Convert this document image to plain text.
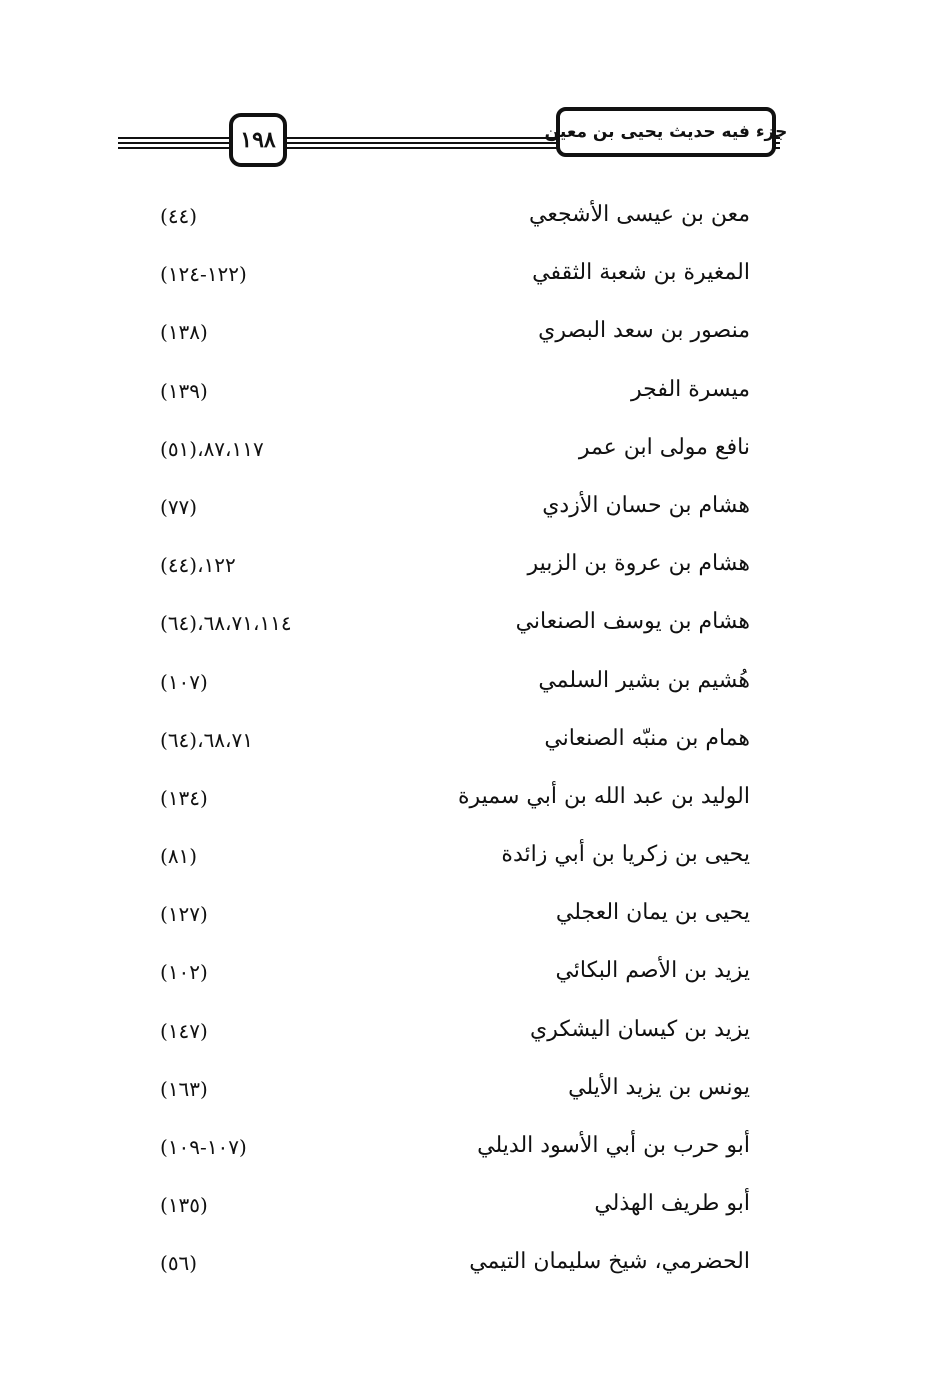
جزء فيه حديث يحيى بن معين
١٩٨
معن بن عيسى الأشجعي
(٤٤)
المغيرة بن شعبة الثقفي
(١٢٢-١٢٤)
منصور بن سعد البصري
(١٣٨)
ميسرة الفجر
(١٣٩)
نافع مولى ابن عمر
(٥١)،٨٧،١١٧
هشام بن حسان الأزدي
(٧٧)
هشام بن عروة بن الزبير
(٤٤)،١٢٢
هشام بن يوسف الصنعاني
(٦٤)،٦٨،٧١،١١٤
هُشيم بن بشير السلمي
(١٠٧)
همام بن منبّه الصنعاني
(٦٤)،٦٨،٧١
الوليد بن عبد الله بن أبي سميرة
(١٣٤)
يحيى بن زكريا بن أبي زائدة
(٨١)
يحيى بن يمان العجلي
(١٢٧)
يزيد بن الأصم البكائي
(١٠٢)
يزيد بن كيسان اليشكري
(١٤٧)
يونس بن يزيد الأيلي
(١٦٣)
أبو حرب بن أبي الأسود الديلي
(١٠٧-١٠٩)
أبو طريف الهذلي
(١٣٥)
الحضرمي، شيخ سليمان التيمي
(٥٦)
